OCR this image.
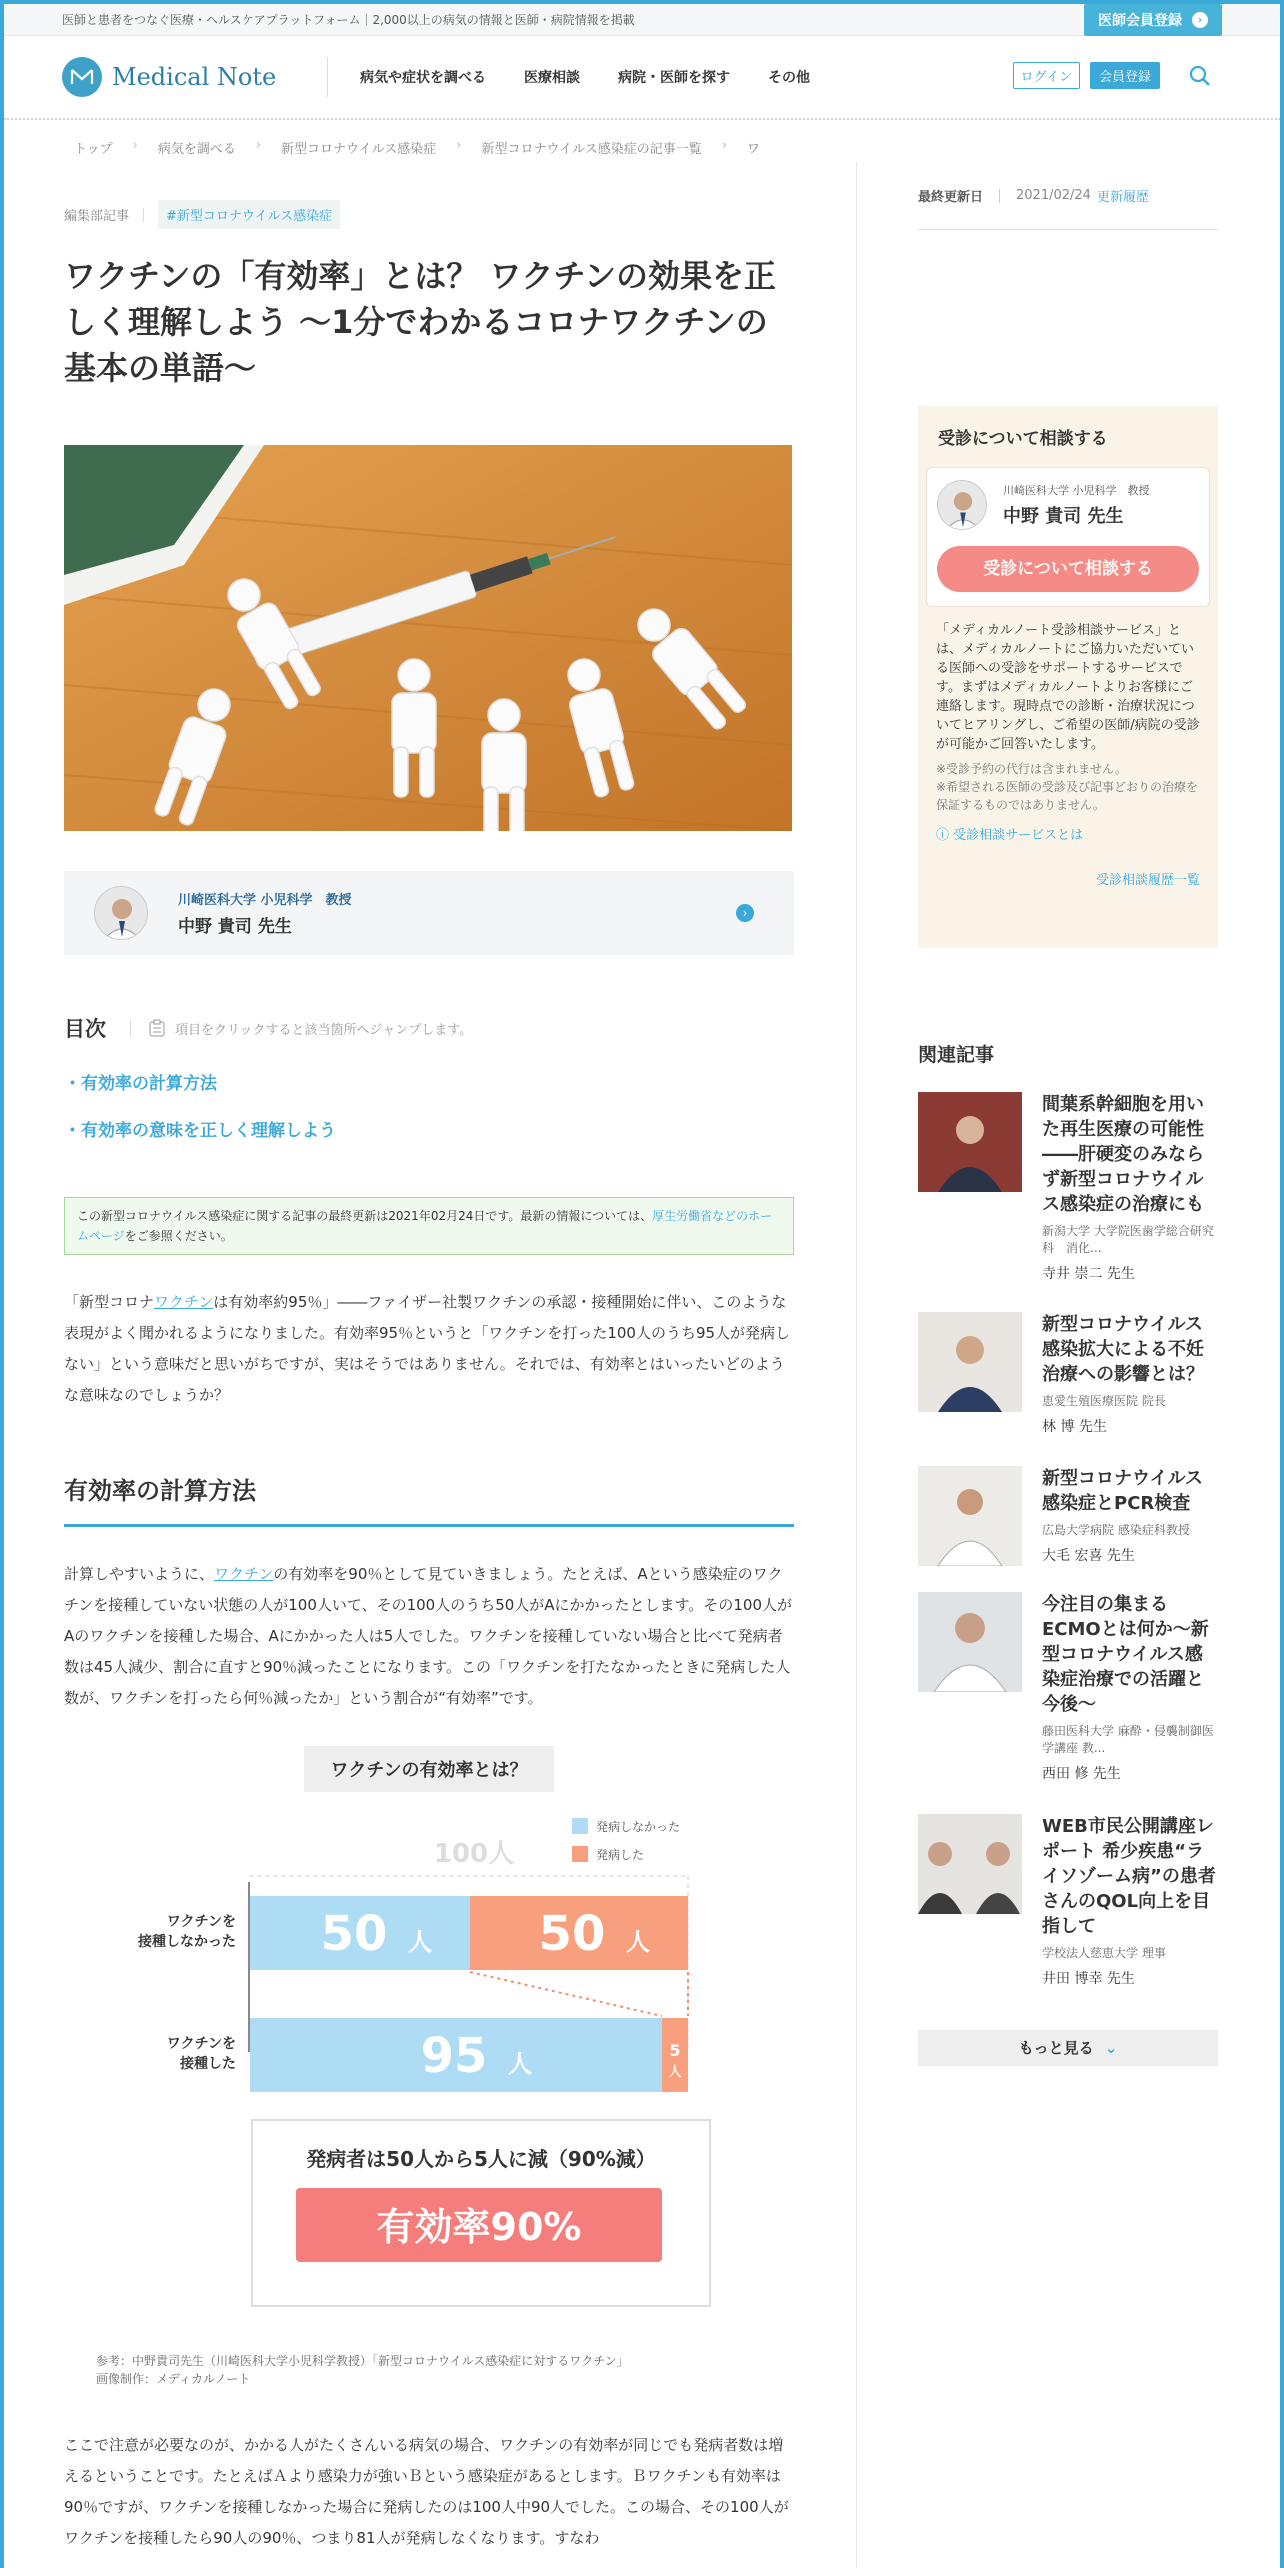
医師と患者をつなぐ医療・ヘルスケアプラットフォーム｜2,000以上の病気の情報と医師・病院情報を掲載	医師会員登録	›
Medical Note	病気や症状を調べる	医療相談	病院・医師を探す	その他	ログイン	会員登録
トップ › 病気を調べる › 新型コロナウイルス感染症 › 新型コロナウイルス感染症の記事一覧 › ワ
編集部記事	#新型コロナウイルス感染症
ワクチンの「有効率」とは？ ワクチンの効果を正しく理解しよう 〜1分でわかるコロナワクチンの基本の単語〜
川崎医科大学 小児科学　教授
中野 貴司 先生
›
目次	項目をクリックすると該当箇所へジャンプします。
・ 有効率の計算方法
・ 有効率の意味を正しく理解しよう
この新型コロナウイルス感染症に関する記事の最終更新は2021年02月24日です。最新の情報については、厚生労働省などのホームページをご参照ください。

「新型コロナワクチンは有効率約95％」――ファイザー社製ワクチンの承認・接種開始に伴い、このような表現がよく聞かれるようになりました。有効率95％というと「ワクチンを打った100人のうち95人が発病しない」という意味だと思いがちですが、実はそうではありません。それでは、有効率とはいったいどのような意味なのでしょうか？

有効率の計算方法

計算しやすいように、ワクチンの有効率を90％として見ていきましょう。たとえば、Aという感染症のワクチンを接種していない状態の人が100人いて、その100人のうち50人がAにかかったとします。その100人がAのワクチンを接種した場合、Aにかかった人は5人でした。ワクチンを接種していない場合と比べて発病者数は45人減少、割合に直すと90％減ったことになります。この「ワクチンを打たなかったときに発病した人数が、ワクチンを打ったら何％減ったか」という割合が“有効率”です。

ワクチンの有効率とは？
発病しなかった
発病した
100人
ワクチンを
接種しなかった
ワクチンを
接種した
50 人 50 人
95 人	5
人
発病者は50人から5人に減（90%減）
有効率90%
参考：中野貴司先生（川崎医科大学小児科学教授）「新型コロナウイルス感染症に対するワクチン」
画像制作：メディカルノート

ここで注意が必要なのが、かかる人がたくさんいる病気の場合、ワクチンの有効率が同じでも発病者数は増えるということです。たとえばＡより感染力が強いＢという感染症があるとします。Ｂワクチンも有効率は90％ですが、ワクチンを接種しなかった場合に発病したのは100人中90人でした。この場合、その100人がワクチンを接種したら90人の90％、つまり81人が発病しなくなります。すなわ

最終更新日	2021/02/24 更新履歴
受診について相談する
川崎医科大学 小児科学　教授
中野 貴司 先生
受診について相談する
「メディカルノート受診相談サービス」とは、メディカルノートにご協力いただいている医師への受診をサポートするサービスです。まずはメディカルノートよりお客様にご連絡します。現時点での診断・治療状況についてヒアリングし、ご希望の医師/病院の受診が可能かご回答いたします。
※受診予約の代行は含まれません。
※希望される医師の受診及び記事どおりの治療を保証するものではありません。
ⓘ 受診相談サービスとは
受診相談履歴一覧
関連記事
間葉系幹細胞を用いた再生医療の可能性――肝硬変のみならず新型コロナウイルス感染症の治療にも
新潟大学 大学院医歯学総合研究科　消化...
寺井 崇二 先生
新型コロナウイルス感染拡大による不妊治療への影響とは？
恵愛生殖医療医院 院長
林 博 先生
新型コロナウイルス感染症とPCR検査
広島大学病院 感染症科教授
大毛 宏喜 先生
今注目の集まるECMOとは何か〜新型コロナウイルス感染症治療での活躍と今後〜
藤田医科大学 麻酔・侵襲制御医学講座 教...
西田 修 先生
WEB市民公開講座レポート 希少疾患“ライソゾーム病”の患者さんのQOL向上を目指して
学校法人慈恵大学 理事
井田 博幸 先生
もっと見る ⌄
